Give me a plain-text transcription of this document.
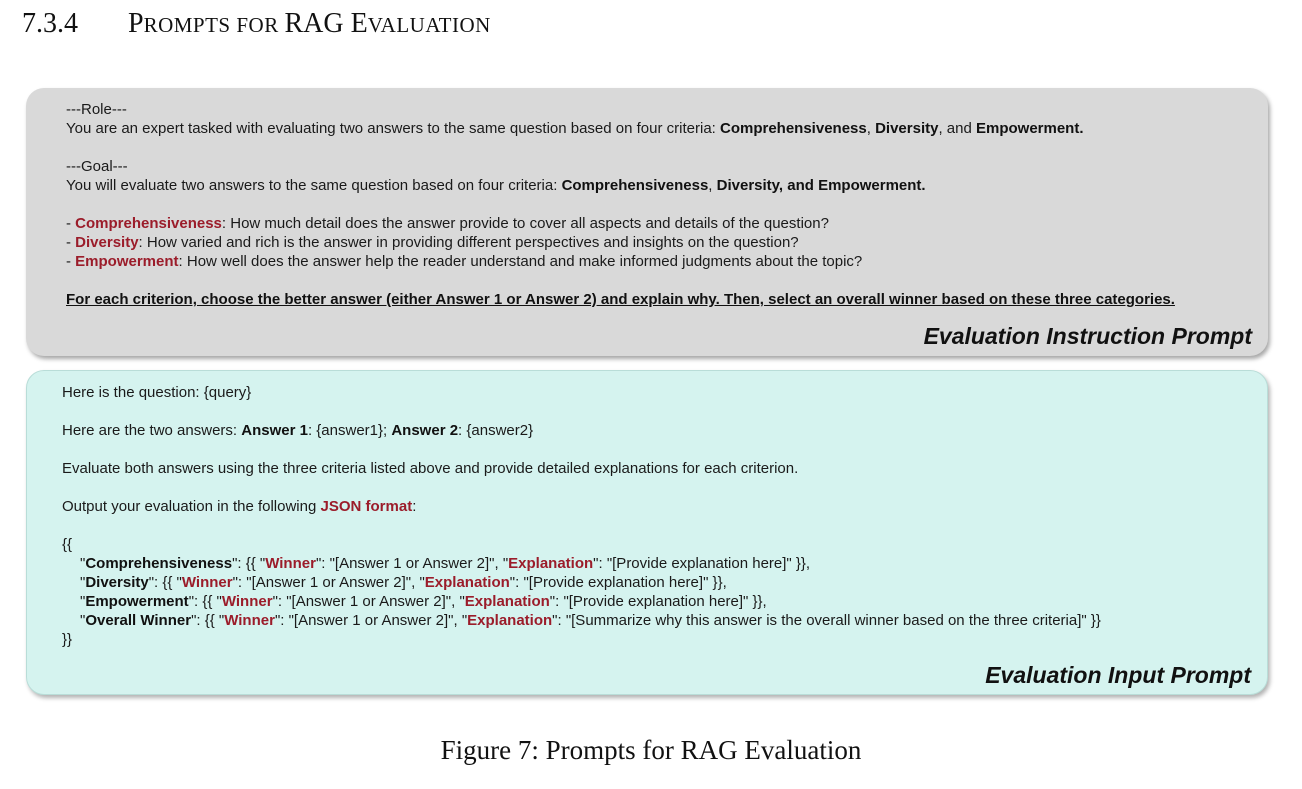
7.3.4 PROMPTS FOR RAG EVALUATION
---Role---
You are an expert tasked with evaluating two answers to the same question based on four criteria: Comprehensiveness, Diversity, and Empowerment.
---Goal---
You will evaluate two answers to the same question based on four criteria: Comprehensiveness, Diversity, and Empowerment.
- Comprehensiveness: How much detail does the answer provide to cover all aspects and details of the question?
- Diversity: How varied and rich is the answer in providing different perspectives and insights on the question?
- Empowerment: How well does the answer help the reader understand and make informed judgments about the topic?
For each criterion, choose the better answer (either Answer 1 or Answer 2) and explain why. Then, select an overall winner based on these three categories.
Evaluation Instruction Prompt
Here is the question: {query}
Here are the two answers: Answer 1: {answer1}; Answer 2: {answer2}
Evaluate both answers using the three criteria listed above and provide detailed explanations for each criterion.
Output your evaluation in the following JSON format:
{{
"Comprehensiveness": {{ "Winner": "[Answer 1 or Answer 2]", "Explanation": "[Provide explanation here]" }},
"Diversity": {{ "Winner": "[Answer 1 or Answer 2]", "Explanation": "[Provide explanation here]" }},
"Empowerment": {{ "Winner": "[Answer 1 or Answer 2]", "Explanation": "[Provide explanation here]" }},
"Overall Winner": {{ "Winner": "[Answer 1 or Answer 2]", "Explanation": "[Summarize why this answer is the overall winner based on the three criteria]" }}
}}
Evaluation Input Prompt
Figure 7: Prompts for RAG Evaluation
